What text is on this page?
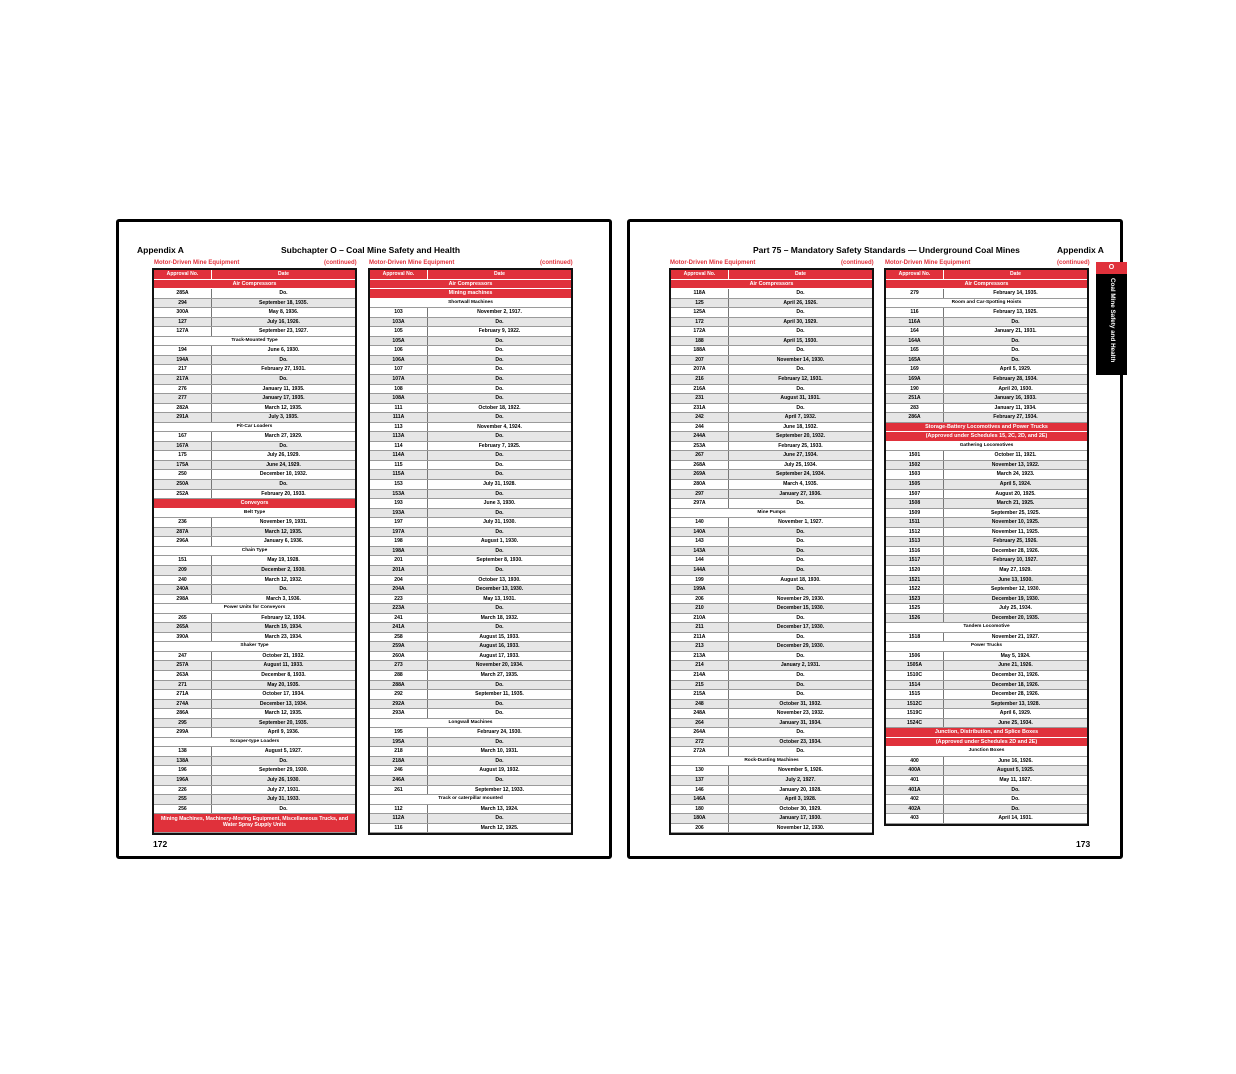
Appendix A	Subchapter O – Coal Mine Safety and Health
Motor-Driven Mine Equipment	(continued) Motor-Driven Mine Equipment	(continued)
Approval No.	Date
Air Compressors
285A	Do.
294	September 18, 1935.
300A	May 8, 1936.
127	July 16, 1926.
127A	September 23, 1927.
Track-Mounted Type
194	June 6, 1930.
194A	Do.
217	February 27, 1931.
217A	Do.
276	January 11, 1935.
277	January 17, 1935.
282A	March 12, 1935.
291A	July 3, 1935.
Pit-Car Loaders
167	March 27, 1929.
167A	Do.
175	July 26, 1929.
175A	June 24, 1929.
250	December 10, 1932.
250A	Do.
252A	February 20, 1933.
Conveyors
Belt Type
236	November 19, 1931.
287A	March 12, 1935.
296A	January 6, 1936.
Chain Type
151	May 19, 1928.
209	December 2, 1930.
240	March 12, 1932.
240A	Do.
298A	March 3, 1936.
Power Units for Conveyors
265	February 12, 1934.
265A	March 19, 1934.
390A	March 23, 1934.
Shaker Type
247	October 21, 1932.
257A	August 11, 1933.
263A	December 8, 1933.
271	May 20, 1935.
271A	October 17, 1934.
274A	December 13, 1934.
286A	March 12, 1935.
295	September 20, 1935.
299A	April 9, 1936.
Scraper-type Loaders
138	August 5, 1927.
138A	Do.
196	September 29, 1930.
196A	July 26, 1930.
226	July 27, 1931.
255	July 31, 1933.
256	Do.
Mining Machines, Machinery-Moving Equipment, Miscellaneous Trucks, and Water Spray Supply Units
Approval No.	Date
Air Compressors
Mining machines
Shortwall Machines
103	November 2, 1917.
103A	Do.
105	February 9, 1922.
105A	Do.
106	Do.
106A	Do.
107	Do.
107A	Do.
108	Do.
108A	Do.
111	October 18, 1922.
111A	Do.
113	November 4, 1924.
113A	Do.
114	February 7, 1925.
114A	Do.
115	Do.
115A	Do.
153	July 31, 1928.
153A	Do.
193	June 3, 1930.
193A	Do.
197	July 31, 1930.
197A	Do.
198	August 1, 1930.
198A	Do.
201	September 8, 1930.
201A	Do.
204	October 13, 1930.
204A	December 13, 1930.
223	May 13, 1931.
223A	Do.
241	March 18, 1932.
241A	Do.
258	August 15, 1933.
259A	August 16, 1933.
260A	August 17, 1933.
273	November 20, 1934.
288	March 27, 1935.
288A	Do.
292	September 11, 1935.
292A	Do.
293A	Do.
Longwall Machines
195	February 24, 1930.
195A	Do.
218	March 10, 1931.
218A	Do.
246	August 19, 1932.
246A	Do.
261	September 12, 1933.
Track or caterpillar mounted
112	March 13, 1924.
112A	Do.
116	March 12, 1925.
172
Part 75 – Mandatory Safety Standards — Underground Coal Mines	Appendix A
Motor-Driven Mine Equipment	(continued) Motor-Driven Mine Equipment	(continued)
Approval No.	Date
Air Compressors
118A	Do.
125	April 26, 1926.
125A	Do.
172	April 30, 1929.
172A	Do.
188	April 15, 1930.
188A	Do.
207	November 14, 1930.
207A	Do.
216	February 12, 1931.
216A	Do.
231	August 31, 1931.
231A	Do.
242	April 7, 1932.
244	June 18, 1932.
244A	September 20, 1932.
253A	February 25, 1933.
267	June 27, 1934.
268A	July 25, 1934.
269A	September 24, 1934.
280A	March 4, 1935.
297	January 27, 1936.
297A	Do.
Mine Pumps
140	November 1, 1927.
140A	Do.
143	Do.
143A	Do.
144	Do.
144A	Do.
199	August 18, 1930.
199A	Do.
206	November 29, 1930.
210	December 15, 1930.
210A	Do.
211	December 17, 1930.
211A	Do.
213	December 29, 1930.
213A	Do.
214	January 2, 1931.
214A	Do.
215	Do.
215A	Do.
248	October 31, 1932.
248A	November 23, 1932.
264	January 31, 1934.
264A	Do.
272	October 23, 1934.
272A	Do.
Rock-Dusting Machines
130	November 5, 1926.
137	July 2, 1927.
146	January 20, 1928.
146A	April 3, 1928.
180	October 30, 1929.
180A	January 17, 1930.
206	November 12, 1930.
Approval No.	Date
Air Compressors
279	February 14, 1935.
Room and Car-Spotting Hoists
116	February 13, 1925.
116A	Do.
164	January 21, 1931.
164A	Do.
165	Do.
165A	Do.
169	April 5, 1929.
169A	February 28, 1934.
190	April 20, 1930.
251A	January 16, 1933.
283	January 11, 1934.
286A	February 27, 1934.
Storage-Battery Locomotives and Power Trucks
(Approved under Schedules 15, 2C, 2D, and 2E)
Gathering Locomotives
1501	October 11, 1921.
1502	November 13, 1922.
1503	March 24, 1923.
1505	April 5, 1924.
1507	August 20, 1925.
1508	March 21, 1925.
1509	September 25, 1925.
1511	November 10, 1925.
1512	November 11, 1925.
1513	February 25, 1926.
1516	December 28, 1926.
1517	February 10, 1927.
1520	May 27, 1929.
1521	June 13, 1930.
1522	September 12, 1930.
1523	December 19, 1930.
1525	July 25, 1934.
1526	December 20, 1935.
Tandem Locomotive
1518	November 21, 1927.
Power Trucks
1506	May 5, 1924.
1505A	June 21, 1926.
1510C	December 31, 1926.
1514	December 18, 1926.
1515	December 28, 1926.
1512C	September 13, 1928.
1519C	April 6, 1929.
1524C	June 25, 1934.
Junction, Distribution, and Splice Boxes
(Approved under Schedules 2D and 2E)
Junction Boxes
400	June 16, 1926.
400A	August 5, 1925.
401	May 11, 1927.
401A	Do.
402	Do.
402A	Do.
403	April 14, 1931.
173
O
Coal Mine Safety and Health
